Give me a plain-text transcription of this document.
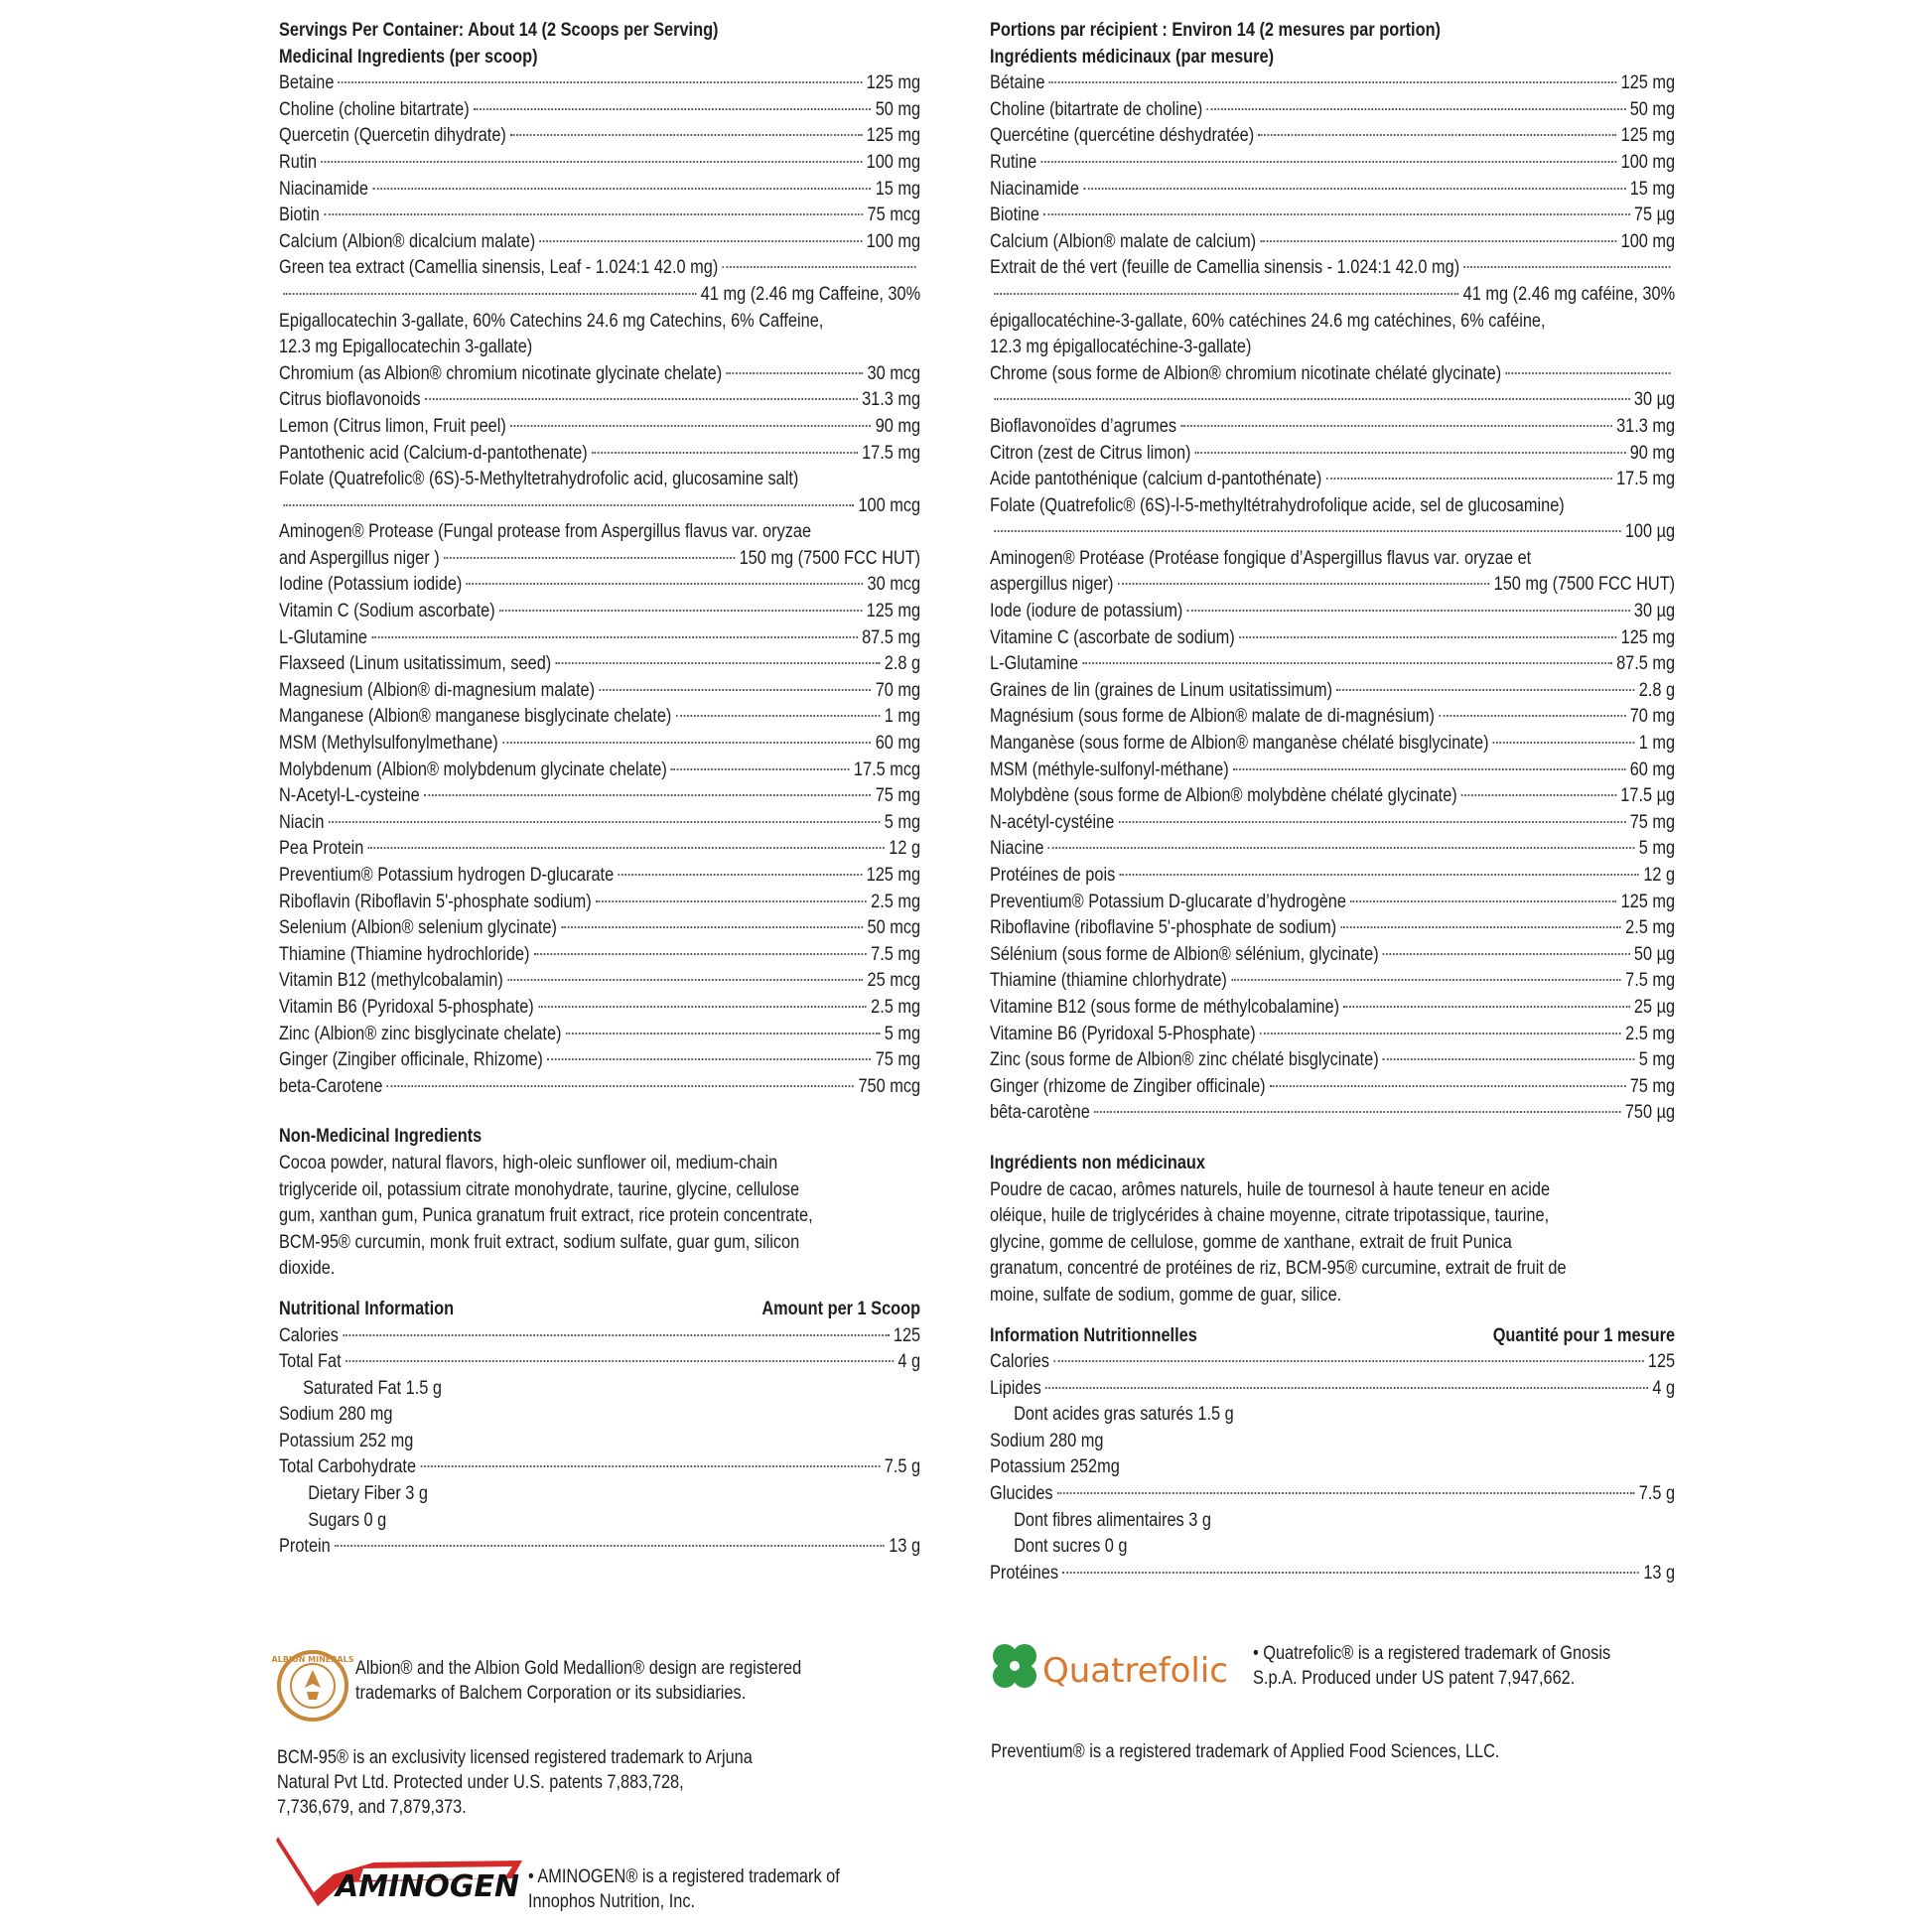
Servings Per Container: About 14 (2 Scoops per Serving)
Medicinal Ingredients (per scoop)
Betaine	125 mg
Choline (choline bitartrate)	50 mg
Quercetin (Quercetin dihydrate)	125 mg
Rutin	100 mg
Niacinamide	15 mg
Biotin	75 mcg
Calcium (Albion® dicalcium malate)	100 mg
Green tea extract (Camellia sinensis, Leaf - 1.024:1 42.0 mg)
41 mg (2.46 mg Caffeine, 30%
Epigallocatechin 3-gallate, 60% Catechins 24.6 mg Catechins, 6% Caffeine,
12.3 mg Epigallocatechin 3-gallate)
Chromium (as Albion® chromium nicotinate glycinate chelate)	30 mcg
Citrus bioflavonoids	31.3 mg
Lemon (Citrus limon, Fruit peel)	90 mg
Pantothenic acid (Calcium-d-pantothenate)	17.5 mg
Folate (Quatrefolic® (6S)-5-Methyltetrahydrofolic acid, glucosamine salt)
100 mcg
Aminogen® Protease (Fungal protease from Aspergillus flavus var. oryzae
and Aspergillus niger )	150 mg (7500 FCC HUT)
Iodine (Potassium iodide)	30 mcg
Vitamin C (Sodium ascorbate)	125 mg
L-Glutamine	87.5 mg
Flaxseed (Linum usitatissimum, seed)	2.8 g
Magnesium (Albion® di-magnesium malate)	70 mg
Manganese (Albion® manganese bisglycinate chelate)	1 mg
MSM (Methylsulfonylmethane)	60 mg
Molybdenum (Albion® molybdenum glycinate chelate)	17.5 mcg
N-Acetyl-L-cysteine	75 mg
Niacin	5 mg
Pea Protein	12 g
Preventium® Potassium hydrogen D-glucarate	125 mg
Riboflavin (Riboflavin 5'-phosphate sodium)	2.5 mg
Selenium (Albion® selenium glycinate)	50 mcg
Thiamine (Thiamine hydrochloride)	7.5 mg
Vitamin B12 (methylcobalamin)	25 mcg
Vitamin B6 (Pyridoxal 5-phosphate)	2.5 mg
Zinc (Albion® zinc bisglycinate chelate)	5 mg
Ginger (Zingiber officinale, Rhizome)	75 mg
beta-Carotene	750 mcg
Non-Medicinal Ingredients
Cocoa powder, natural flavors, high-oleic sunflower oil, medium-chain
triglyceride oil, potassium citrate monohydrate, taurine, glycine, cellulose
gum, xanthan gum, Punica granatum fruit extract, rice protein concentrate,
BCM-95® curcumin, monk fruit extract, sodium sulfate, guar gum, silicon
dioxide.
Nutritional Information	Amount per 1 Scoop
Calories	125
Total Fat	4 g
Saturated Fat 1.5 g
Sodium 280 mg
Potassium 252 mg
Total Carbohydrate	7.5 g
Dietary Fiber 3 g
Sugars 0 g
Protein	13 g
Portions par récipient : Environ 14 (2 mesures par portion)
Ingrédients médicinaux (par mesure)
Bétaine	125 mg
Choline (bitartrate de choline)	50 mg
Quercétine (quercétine déshydratée)	125 mg
Rutine	100 mg
Niacinamide	15 mg
Biotine	75 µg
Calcium (Albion® malate de calcium)	100 mg
Extrait de thé vert (feuille de Camellia sinensis - 1.024:1 42.0 mg)
41 mg (2.46 mg caféine, 30%
épigallocatéchine-3-gallate, 60% catéchines 24.6 mg catéchines, 6% caféine,
12.3 mg épigallocatéchine-3-gallate)
Chrome (sous forme de Albion® chromium nicotinate chélaté glycinate)
30 µg
Bioflavonoïdes d’agrumes	31.3 mg
Citron (zest de Citrus limon)	90 mg
Acide pantothénique (calcium d-pantothénate)	17.5 mg
Folate (Quatrefolic® (6S)-l-5-methyltétrahydrofolique acide, sel de glucosamine)
100 µg
Aminogen® Protéase (Protéase fongique d’Aspergillus flavus var. oryzae et
aspergillus niger)	150 mg (7500 FCC HUT)
Iode (iodure de potassium)	30 µg
Vitamine C (ascorbate de sodium)	125 mg
L-Glutamine	87.5 mg
Graines de lin (graines de Linum usitatissimum)	2.8 g
Magnésium (sous forme de Albion® malate de di-magnésium)	70 mg
Manganèse (sous forme de Albion® manganèse chélaté bisglycinate)	1 mg
MSM (méthyle-sulfonyl-méthane)	60 mg
Molybdène (sous forme de Albion® molybdène chélaté glycinate)	17.5 µg
N-acétyl-cystéine	75 mg
Niacine	5 mg
Protéines de pois	12 g
Preventium® Potassium D-glucarate d’hydrogène	125 mg
Riboflavine (riboflavine 5'-phosphate de sodium)	2.5 mg
Sélénium (sous forme de Albion® sélénium, glycinate)	50 µg
Thiamine (thiamine chlorhydrate)	7.5 mg
Vitamine B12 (sous forme de méthylcobalamine)	25 µg
Vitamine B6 (Pyridoxal 5-Phosphate)	2.5 mg
Zinc (sous forme de Albion® zinc chélaté bisglycinate)	5 mg
Ginger (rhizome de Zingiber officinale)	75 mg
bêta-carotène	750 µg
Ingrédients non médicinaux
Poudre de cacao, arômes naturels, huile de tournesol à haute teneur en acide
oléique, huile de triglycérides à chaine moyenne, citrate tripotassique, taurine,
glycine, gomme de cellulose, gomme de xanthane, extrait de fruit Punica
granatum, concentré de protéines de riz, BCM-95® curcumine, extrait de fruit de
moine, sulfate de sodium, gomme de guar, silice.
Information Nutritionnelles	Quantité pour 1 mesure
Calories	125
Lipides	4 g
Dont acides gras saturés 1.5 g
Sodium 280 mg
Potassium 252mg
Glucides	7.5 g
Dont fibres alimentaires 3 g
Dont sucres 0 g
Protéines	13 g
ALBION MINERALS Albion® and the Albion Gold Medallion® design are registered
trademarks of Balchem Corporation or its subsidiaries.
BCM-95® is an exclusivity licensed registered trademark to Arjuna
Natural Pvt Ltd. Protected under U.S. patents 7,883,728,
7,736,679, and 7,879,373.
AMINOGEN • AMINOGEN® is a registered trademark of
Innophos Nutrition, Inc.
Quatrefolic • Quatrefolic® is a registered trademark of Gnosis
S.p.A. Produced under US patent 7,947,662.
Preventium® is a registered trademark of Applied Food Sciences, LLC.
